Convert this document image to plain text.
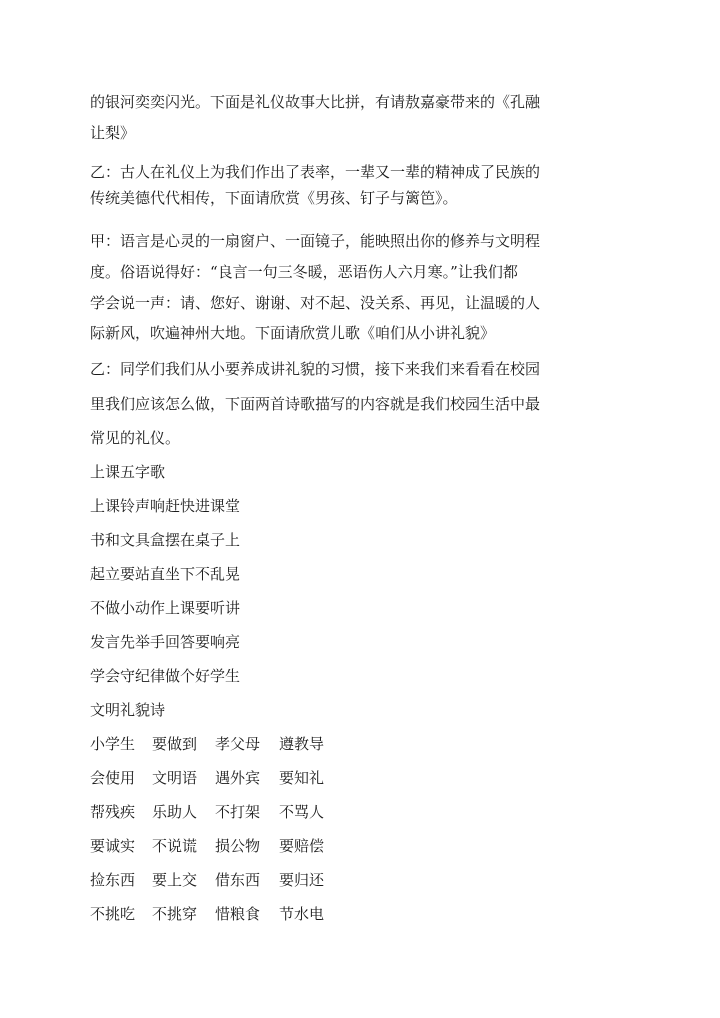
的银河奕奕闪光。下面是礼仪故事大比拼，有请敖嘉豪带来的《孔融
让梨》
乙：古人在礼仪上为我们作出了表率，一辈又一辈的精神成了民族的
传统美德代代相传，下面请欣赏《男孩、钉子与篱笆》。
甲：语言是心灵的一扇窗户、一面镜子，能映照出你的修养与文明程
度。俗语说得好：“良言一句三冬暖，恶语伤人六月寒。”让我们都
学会说一声：请、您好、谢谢、对不起、没关系、再见，让温暖的人
际新风，吹遍神州大地。下面请欣赏儿歌《咱们从小讲礼貌》
乙：同学们我们从小要养成讲礼貌的习惯，接下来我们来看看在校园
里我们应该怎么做，下面两首诗歌描写的内容就是我们校园生活中最
常见的礼仪。
上课五字歌
上课铃声响赶快进课堂
书和文具盒摆在桌子上
起立要站直坐下不乱晃
不做小动作上课要听讲
发言先举手回答要响亮
学会守纪律做个好学生
文明礼貌诗
小学生 要做到 孝父母 遵教导
会使用 文明语 遇外宾 要知礼
帮残疾 乐助人 不打架 不骂人
要诚实 不说谎 损公物 要赔偿
捡东西 要上交 借东西 要归还
不挑吃 不挑穿 惜粮食 节水电
